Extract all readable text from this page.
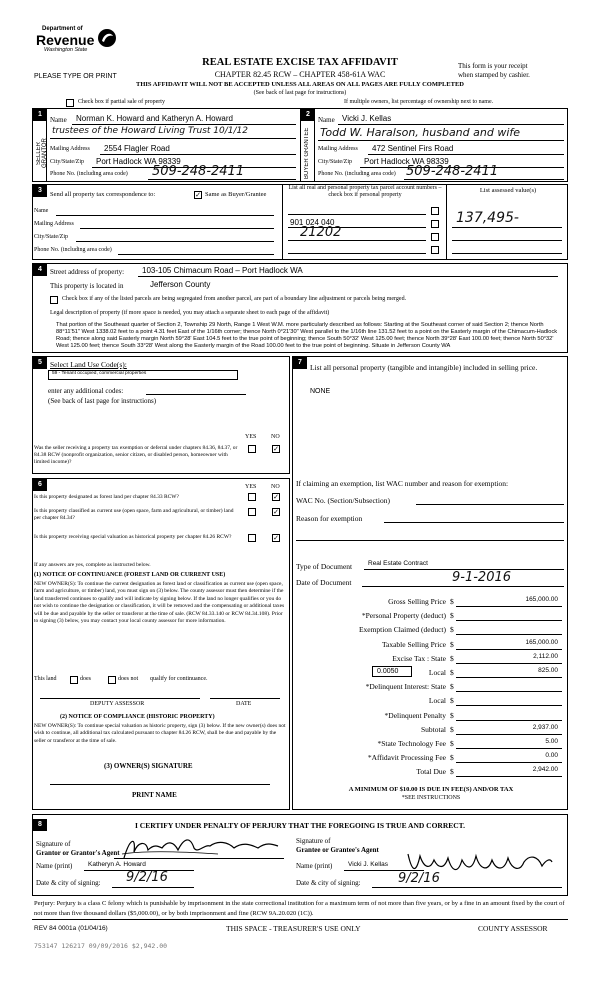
Department of
Revenue
Washington State
PLEASE TYPE OR PRINT
REAL ESTATE EXCISE TAX AFFIDAVIT
CHAPTER 82.45 RCW – CHAPTER 458-61A WAC
THIS AFFIDAVIT WILL NOT BE ACCEPTED UNLESS ALL AREAS ON ALL PAGES ARE FULLY COMPLETED
(See back of last page for instructions)
This form is your receipt
when stamped by cashier.
Check box if partial sale of property	If multiple owners, list percentage of ownership next to name.
1	2
SELLER GRANTOR	BUYER GRANTEE
Name Norman K. Howard and Katheryn A. Howard
trustees of the Howard Living Trust 10/1/12
Mailing Address 2554 Flagler Road
City/State/Zip Port Hadlock WA 98339
Phone No. (including area code) 509-248-2411
Name Vicki J. Kellas
Todd W. Haralson, husband and wife
Mailing Address 472 Sentinel Firs Road
City/State/Zip Port Hadlock WA 98339
Phone No. (including area code) 509-248-2411
3
Send all property tax correspondence to:	✓ Same as Buyer/Grantee
Name
Mailing Address
City/State/Zip
Phone No. (including area code)
List all real and personal property tax parcel account numbers – check box if personal property
List assessed value(s)
901 024 040
21202
137,495-
4	Street address of property: 103-105 Chimacum Road – Port Hadlock WA
This property is located in	Jefferson County
Check box if any of the listed parcels are being segregated from another parcel, are part of a boundary line adjustment or parcels being merged.
Legal description of property (if more space is needed, you may attach a separate sheet to each page of the affidavit)
That portion of the Southeast quarter of Section 2, Township 29 North, Range 1 West W.M. more particularly described as follows: Starting at the Southeast corner of said Section 2; thence North 88°11'51" West 1338.02 feet to a point 4.31 feet East of the 1/16th corner; thence North 0°21'30" West parallel to the 1/16th line 131.52 feet to a point on the Easterly margin of the Chimacum-Hadlock Road; thence along said Easterly margin North 59°28' East 104.5 feet to the true point of beginning; thence South 50°32' West 125.00 feet; thence North 39°28' East 100.00 feet; thence North 50°32' West 125.00 feet; thence South 33°28' West along the Easterly margin of the Road 100.00 feet to the true point of beginning. Situate in Jefferson County WA
5	Select Land Use Code(s):
59 - Tenant occupied, commercial properties
enter any additional codes:
(See back of last page for instructions)
YES NO
Was the seller receiving a property tax exemption or deferral under chapters 84.36, 84.37, or 84.38 RCW (nonprofit organization, senior citizen, or disabled person, homeowner with limited income)?
✓
6	YES NO
Is this property designated as forest land per chapter 84.33 RCW?	✓
Is this property classified as current use (open space, farm and agricultural, or timber) land per chapter 84.34?
✓
Is this property receiving special valuation as historical property per chapter 84.26 RCW?	✓
If any answers are yes, complete as instructed below.
(1) NOTICE OF CONTINUANCE (FOREST LAND OR CURRENT USE)
NEW OWNER(S): To continue the current designation as forest land or classification as current use (open space, farm and agriculture, or timber) land, you must sign on (3) below. The county assessor must then determine if the land transferred continues to qualify and will indicate by signing below. If the land no longer qualifies or you do not wish to continue the designation or classification, it will be removed and the compensating or additional taxes will be due and payable by the seller or transferor at the time of sale. (RCW 84.33.140 or RCW 84.34.108). Prior to signing (3) below, you may contact your local county assessor for more information.
This land	does	does not qualify for continuance.
DEPUTY ASSESSOR	DATE
(2) NOTICE OF COMPLIANCE (HISTORIC PROPERTY)
NEW OWNER(S): To continue special valuation as historic property, sign (3) below. If the new owner(s) does not wish to continue, all additional tax calculated pursuant to chapter 84.26 RCW, shall be due and payable by the seller or transferor at the time of sale.
(3) OWNER(S) SIGNATURE
PRINT NAME
7
List all personal property (tangible and intangible) included in selling price.
NONE
If claiming an exemption, list WAC number and reason for exemption:
WAC No. (Section/Subsection)
Reason for exemption
Type of Document Real Estate Contract
Date of Document	9-1-2016
A MINIMUM OF $10.00 IS DUE IN FEE(S) AND/OR TAX
*SEE INSTRUCTIONS
8	I CERTIFY UNDER PENALTY OF PERJURY THAT THE FOREGOING IS TRUE AND CORRECT.
Signature of
Grantor or Grantor's Agent
Name (print) Katheryn A. Howard
Date & city of signing: 9/2/16
Signature of
Grantee or Grantee's Agent
Name (print) Vicki J. Kellas
Date & city of signing:	9/2/16
Perjury: Perjury is a class C felony which is punishable by imprisonment in the state correctional institution for a maximum term of not more than five years, or by a fine in an amount fixed by the court of not more than five thousand dollars ($5,000.00), or by both imprisonment and fine (RCW 9A.20.020 (1C)).
REV 84 0001a (01/04/16)	THIS SPACE - TREASURER'S USE ONLY	COUNTY ASSESSOR
753147 126217 09/09/2016 $2,942.00
Gross Selling Price $	165,000.00
*Personal Property (deduct) $
Exemption Claimed (deduct) $
Taxable Selling Price $	165,000.00
Excise Tax : State $	2,112.00
0.0050	Local $	825.00
*Delinquent Interest: State $
Local $
*Delinquent Penalty $
Subtotal $	2,937.00
*State Technology Fee $	5.00
*Affidavit Processing Fee $	0.00
Total Due $	2,942.00
